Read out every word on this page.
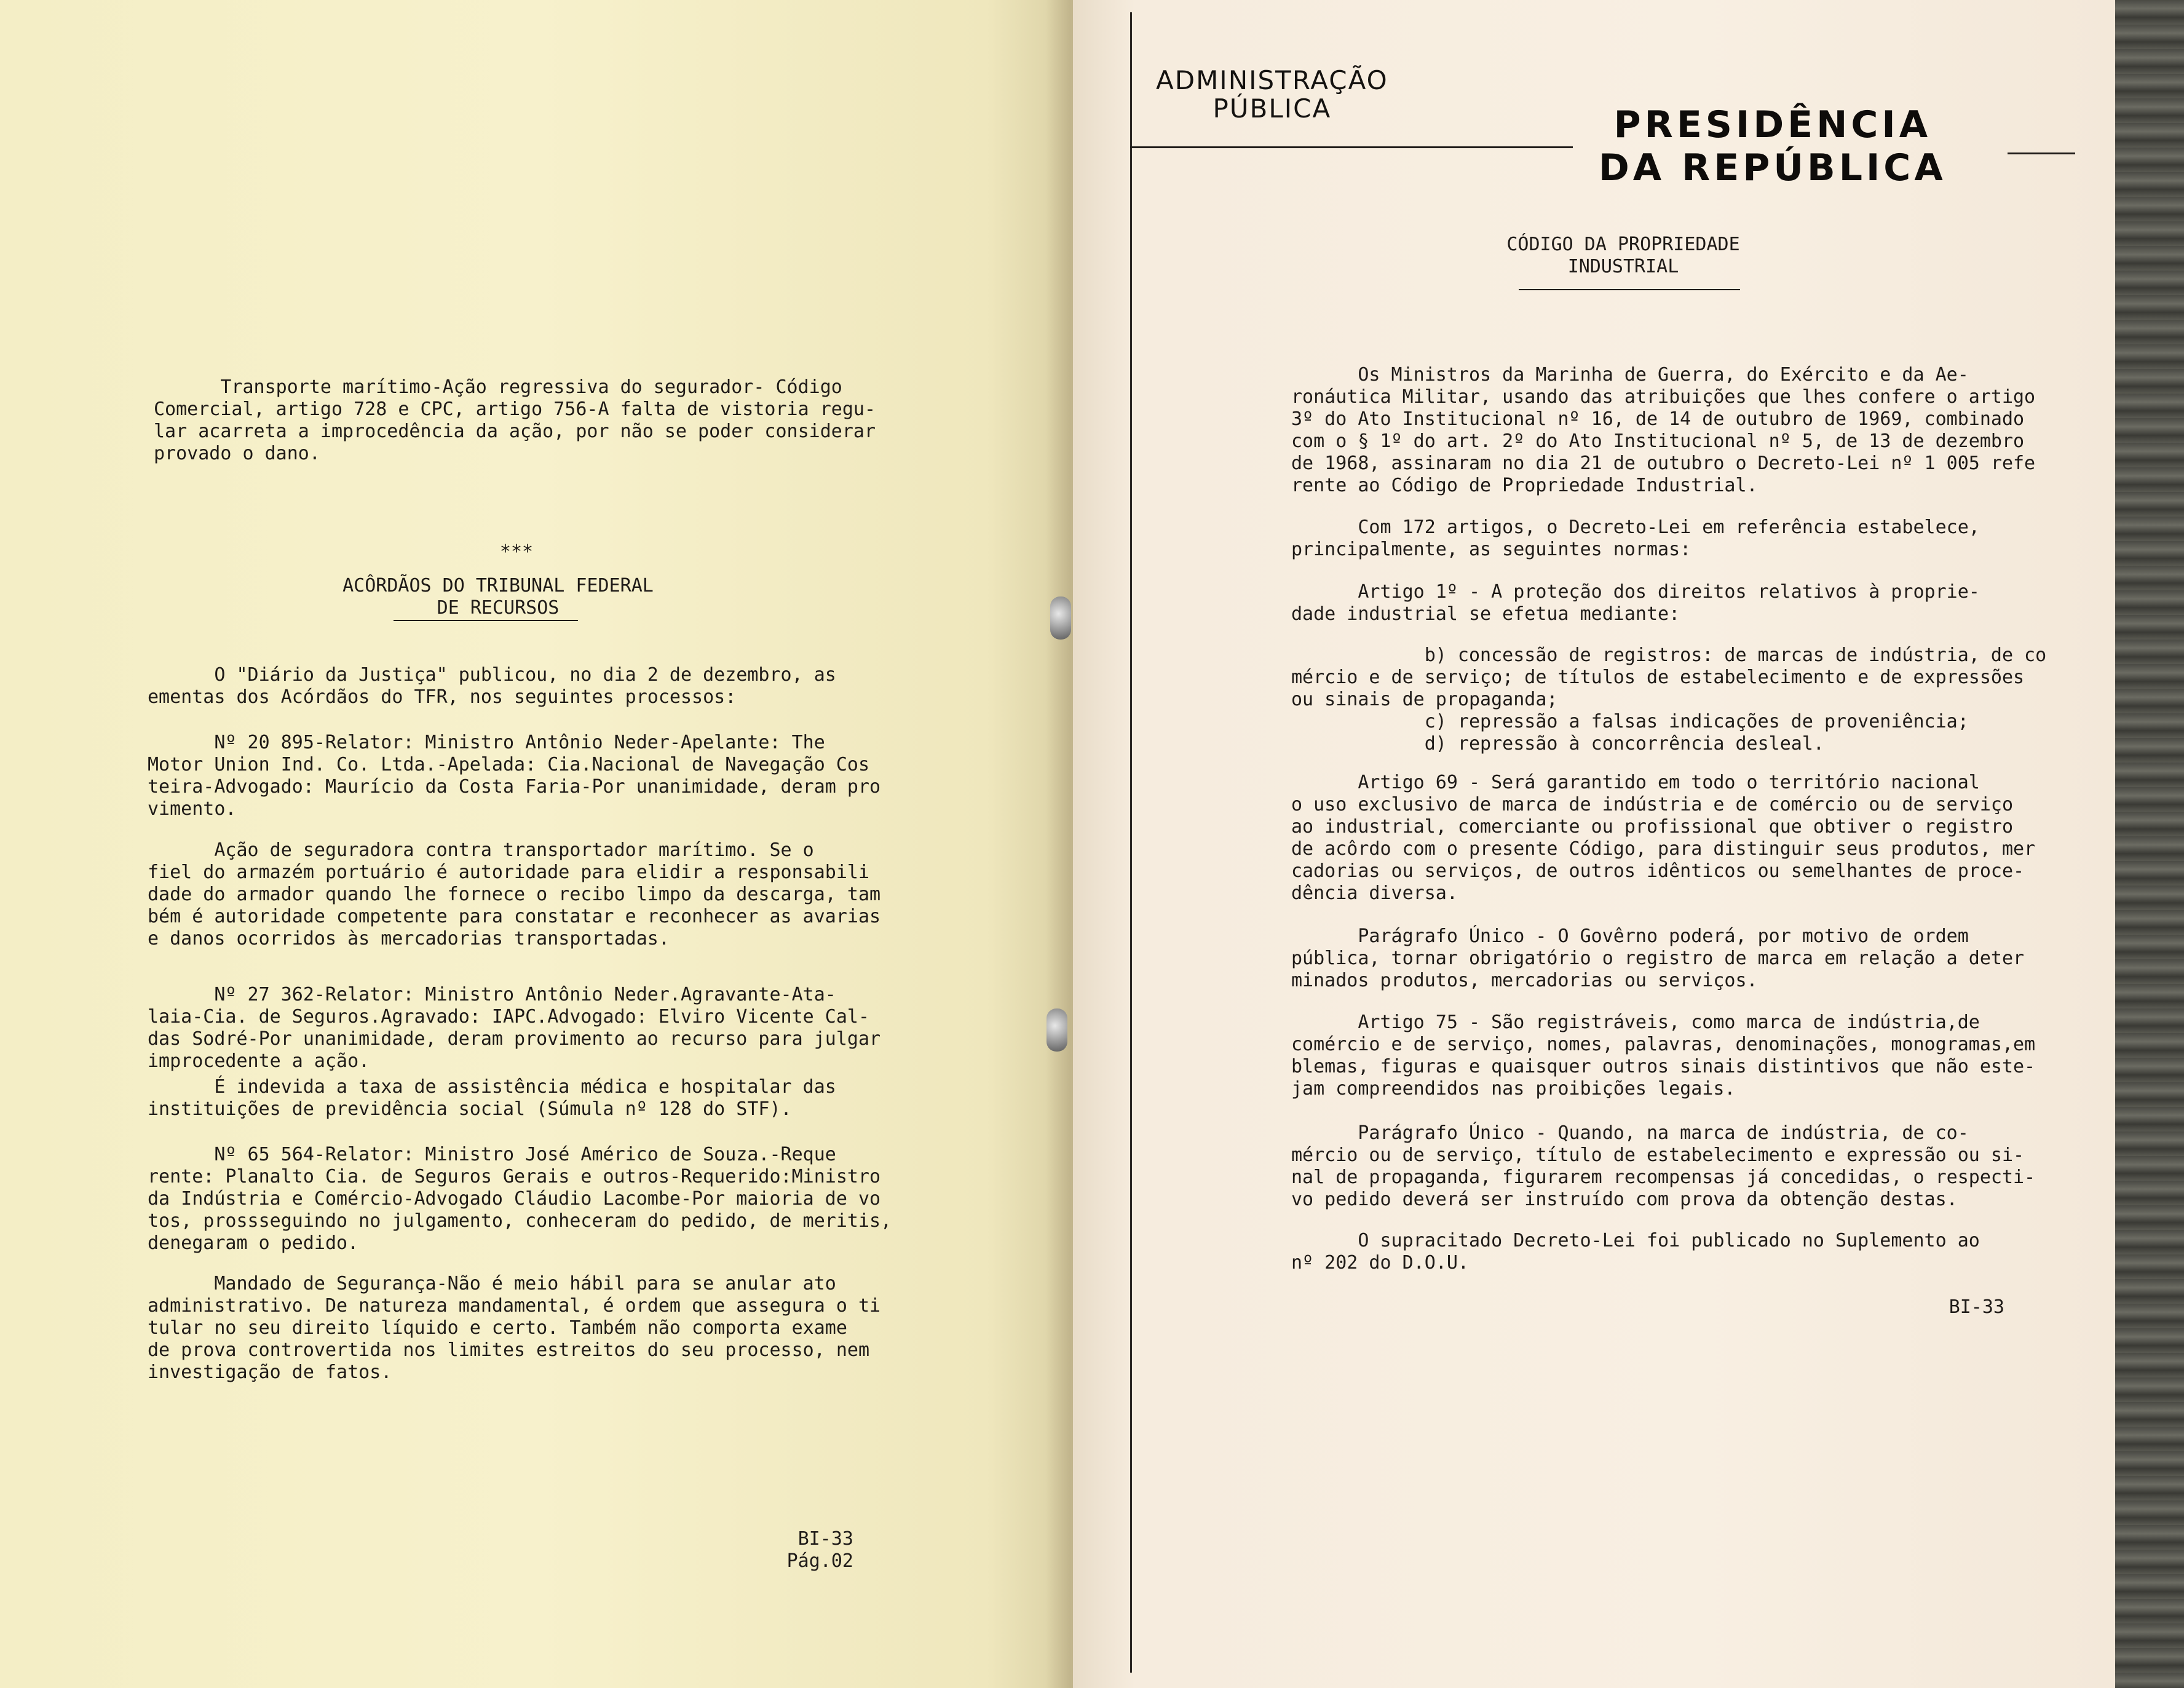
Transporte marítimo-Ação regressiva do segurador- Código
Comercial, artigo 728 e CPC, artigo 756-A falta de vistoria regu-
lar acarreta a improcedência da ação, por não se poder considerar
provado o dano.

***

ACÔRDÃOS DO TRIBUNAL FEDERAL
DE RECURSOS

O "Diário da Justiça" publicou, no dia 2 de dezembro, as
ementas dos Acórdãos do TFR, nos seguintes processos:

Nº 20 895-Relator: Ministro Antônio Neder-Apelante: The
Motor Union Ind. Co. Ltda.-Apelada: Cia.Nacional de Navegação Cos
teira-Advogado: Maurício da Costa Faria-Por unanimidade, deram pro
vimento.

Ação de seguradora contra transportador marítimo. Se o
fiel do armazém portuário é autoridade para elidir a responsabili
dade do armador quando lhe fornece o recibo limpo da descarga, tam
bém é autoridade competente para constatar e reconhecer as avarias
e danos ocorridos às mercadorias transportadas.

Nº 27 362-Relator: Ministro Antônio Neder.Agravante-Ata-
laia-Cia. de Seguros.Agravado: IAPC.Advogado: Elviro Vicente Cal-
das Sodré-Por unanimidade, deram provimento ao recurso para julgar
improcedente a ação.

É indevida a taxa de assistência médica e hospitalar das
instituições de previdência social (Súmula nº 128 do STF).

Nº 65 564-Relator: Ministro José Américo de Souza.-Reque
rente: Planalto Cia. de Seguros Gerais e outros-Requerido:Ministro
da Indústria e Comércio-Advogado Cláudio Lacombe-Por maioria de vo
tos, prossseguindo no julgamento, conheceram do pedido, de meritis,
denegaram o pedido.

Mandado de Segurança-Não é meio hábil para se anular ato
administrativo. De natureza mandamental, é ordem que assegura o ti
tular no seu direito líquido e certo. Também não comporta exame
de prova controvertida nos limites estreitos do seu processo, nem
investigação de fatos.

BI-33
Pág.02

ADMINISTRAÇÃO
PÚBLICA	PRESIDÊNCIA
DA REPÚBLICA

CÓDIGO DA PROPRIEDADE
INDUSTRIAL

Os Ministros da Marinha de Guerra, do Exército e da Ae-
ronáutica Militar, usando das atribuições que lhes confere o artigo
3º do Ato Institucional nº 16, de 14 de outubro de 1969, combinado
com o § 1º do art. 2º do Ato Institucional nº 5, de 13 de dezembro
de 1968, assinaram no dia 21 de outubro o Decreto-Lei nº 1 005 refe
rente ao Código de Propriedade Industrial.

Com 172 artigos, o Decreto-Lei em referência estabelece,
principalmente, as seguintes normas:

Artigo 1º - A proteção dos direitos relativos à proprie-
dade industrial se efetua mediante:

b) concessão de registros: de marcas de indústria, de co
mércio e de serviço; de títulos de estabelecimento e de expressões
ou sinais de propaganda;
c) repressão a falsas indicações de proveniência;
d) repressão à concorrência desleal.

Artigo 69 - Será garantido em todo o território nacional
o uso exclusivo de marca de indústria e de comércio ou de serviço
ao industrial, comerciante ou profissional que obtiver o registro
de acôrdo com o presente Código, para distinguir seus produtos, mer
cadorias ou serviços, de outros idênticos ou semelhantes de proce-
dência diversa.

Parágrafo Único - O Govêrno poderá, por motivo de ordem
pública, tornar obrigatório o registro de marca em relação a deter
minados produtos, mercadorias ou serviços.

Artigo 75 - São registráveis, como marca de indústria,de
comércio e de serviço, nomes, palavras, denominações, monogramas,em
blemas, figuras e quaisquer outros sinais distintivos que não este-
jam compreendidos nas proibições legais.

Parágrafo Único - Quando, na marca de indústria, de co-
mércio ou de serviço, título de estabelecimento e expressão ou si-
nal de propaganda, figurarem recompensas já concedidas, o respecti-
vo pedido deverá ser instruído com prova da obtenção destas.

O supracitado Decreto-Lei foi publicado no Suplemento ao
nº 202 do D.O.U.

BI-33
